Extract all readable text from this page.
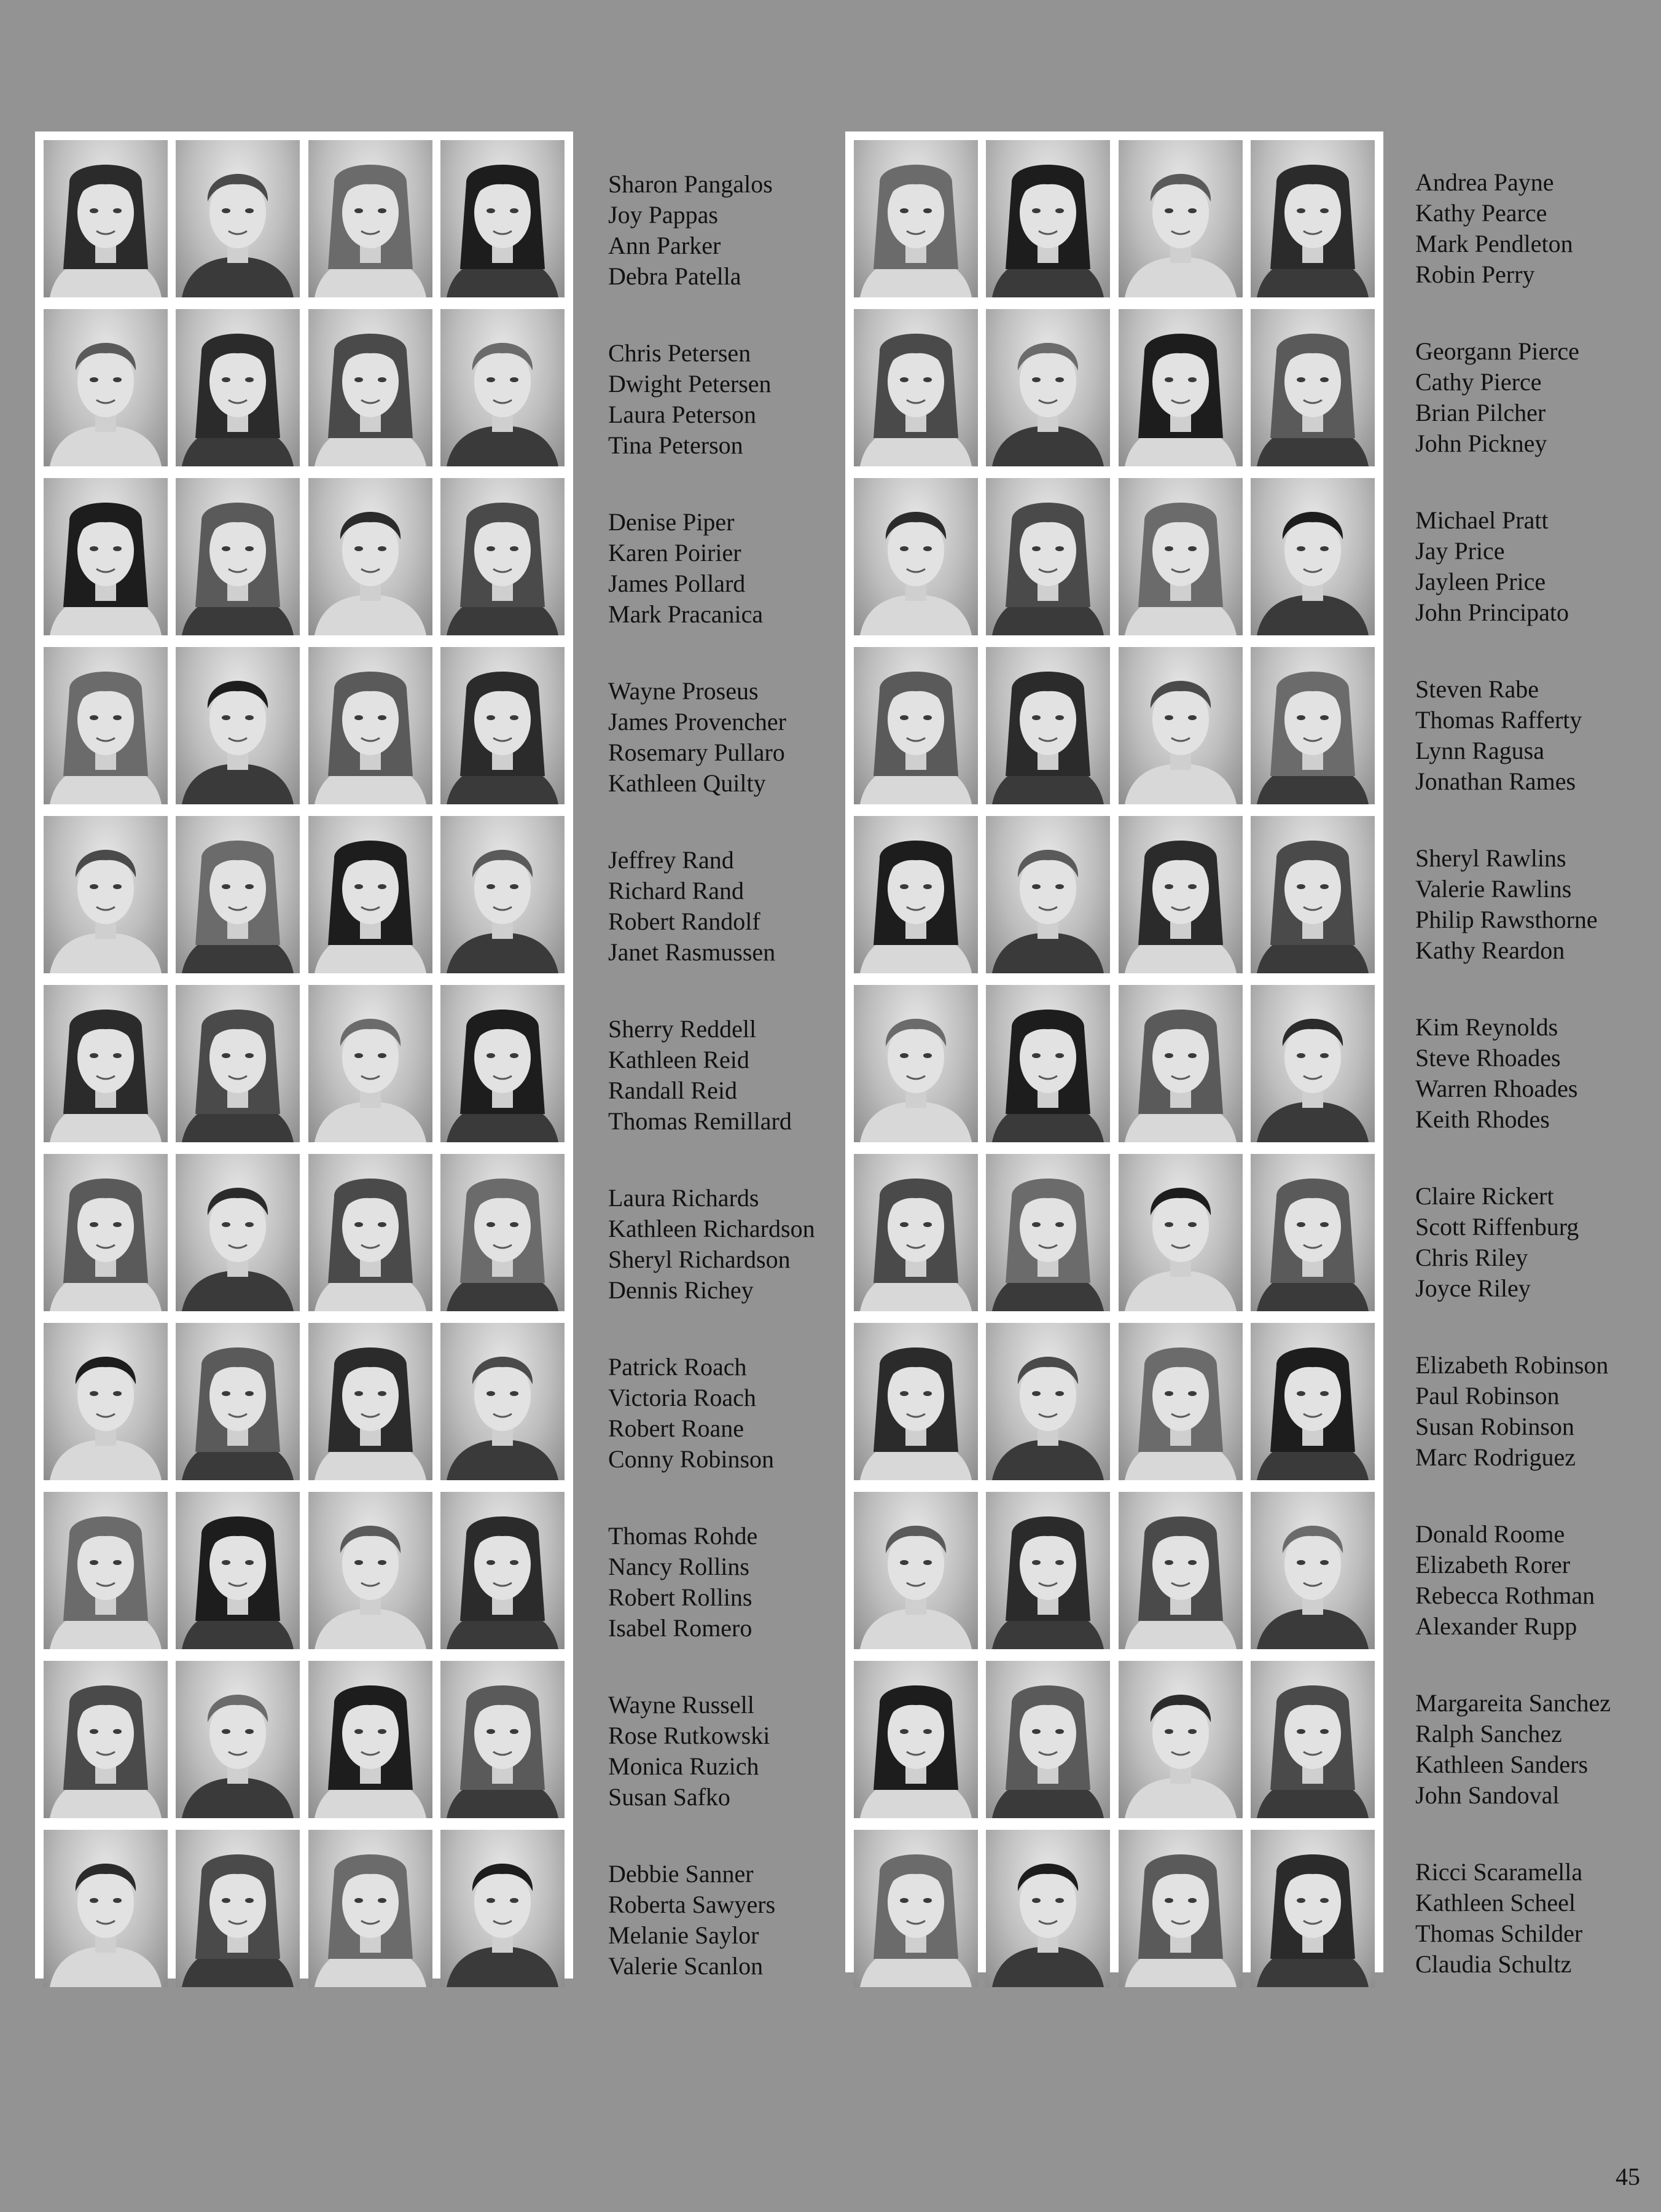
Sharon Pangalos
Joy Pappas
Ann Parker
Debra Patella
Chris Petersen
Dwight Petersen
Laura Peterson
Tina Peterson
Denise Piper
Karen Poirier
James Pollard
Mark Pracanica
Wayne Proseus
James Provencher
Rosemary Pullaro
Kathleen Quilty
Jeffrey Rand
Richard Rand
Robert Randolf
Janet Rasmussen
Sherry Reddell
Kathleen Reid
Randall Reid
Thomas Remillard
Laura Richards
Kathleen Richardson
Sheryl Richardson
Dennis Richey
Patrick Roach
Victoria Roach
Robert Roane
Conny Robinson
Thomas Rohde
Nancy Rollins
Robert Rollins
Isabel Romero
Wayne Russell
Rose Rutkowski
Monica Ruzich
Susan Safko
Debbie Sanner
Roberta Sawyers
Melanie Saylor
Valerie Scanlon
Andrea Payne
Kathy Pearce
Mark Pendleton
Robin Perry
Georgann Pierce
Cathy Pierce
Brian Pilcher
John Pickney
Michael Pratt
Jay Price
Jayleen Price
John Principato
Steven Rabe
Thomas Rafferty
Lynn Ragusa
Jonathan Rames
Sheryl Rawlins
Valerie Rawlins
Philip Rawsthorne
Kathy Reardon
Kim Reynolds
Steve Rhoades
Warren Rhoades
Keith Rhodes
Claire Rickert
Scott Riffenburg
Chris Riley
Joyce Riley
Elizabeth Robinson
Paul Robinson
Susan Robinson
Marc Rodriguez
Donald Roome
Elizabeth Rorer
Rebecca Rothman
Alexander Rupp
Margareita Sanchez
Ralph Sanchez
Kathleen Sanders
John Sandoval
Ricci Scaramella
Kathleen Scheel
Thomas Schilder
Claudia Schultz
45
